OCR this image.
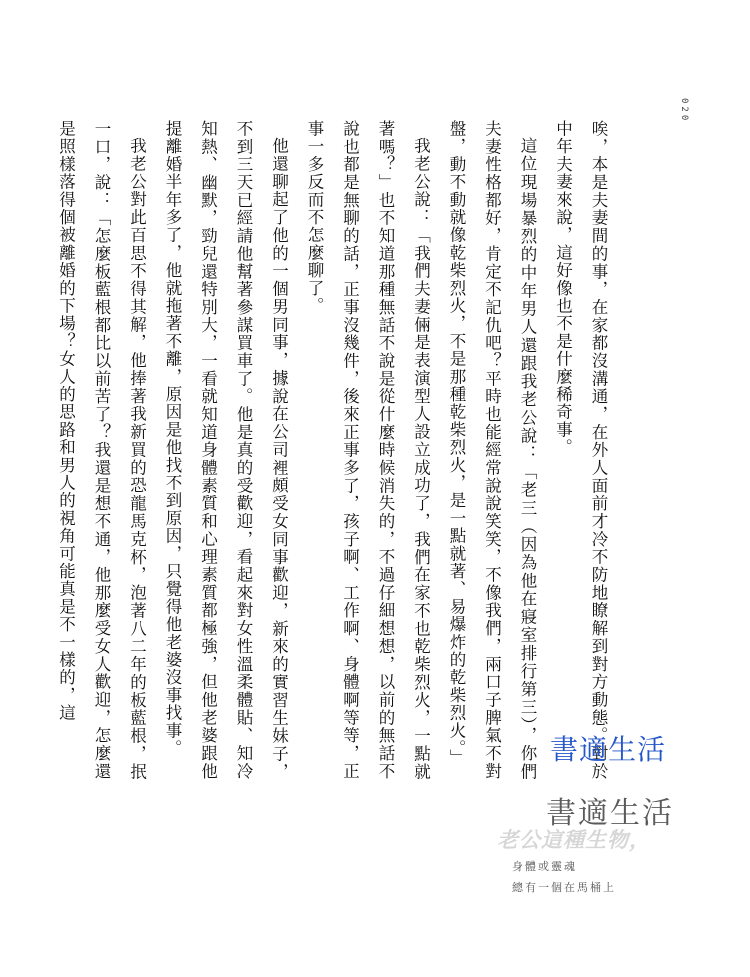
020

唉，本是夫妻間的事，在家都沒溝通，在外人面前才冷不防地瞭解到對方動態。對於中年夫妻來說，這好像也不是什麼稀奇事。

這位現場暴烈的中年男人還跟我老公說：「老三（因為他在寢室排行第三），你們夫妻性格都好，肯定不記仇吧？平時也能經常說說笑笑，不像我們，兩口子脾氣不對盤，動不動就像乾柴烈火，不是那種乾柴烈火，是一點就著、易爆炸的乾柴烈火。」

我老公說：「我們夫妻倆是表演型人設立成功了，我們在家不也乾柴烈火，一點就著嗎？」也不知道那種無話不說是從什麼時候消失的，不過仔細想想，以前的無話不說也都是無聊的話，正事沒幾件，後來正事多了，孩子啊、工作啊、身體啊等等，正事一多反而不怎麼聊了。

他還聊起了他的一個男同事，據說在公司裡頗受女同事歡迎，新來的實習生妹子，不到三天已經請他幫著參謀買車了。他是真的受歡迎，看起來對女性溫柔體貼、知冷知熱、幽默，勁兒還特別大，一看就知道身體素質和心理素質都極強，但他老婆跟他提離婚半年多了，他就拖著不離，原因是他找不到原因，只覺得他老婆沒事找事。

我老公對此百思不得其解，他捧著我新買的恐龍馬克杯，泡著八二年的板藍根，抿一口，說：「怎麼板藍根都比以前苦了？我還是想不通，他那麼受女人歡迎，怎麼還是照樣落得個被離婚的下場？女人的思路和男人的視角可能真是不一樣的，這

書適生活
書適生活
老公這種生物，
身體或靈魂
總有一個在馬桶上
